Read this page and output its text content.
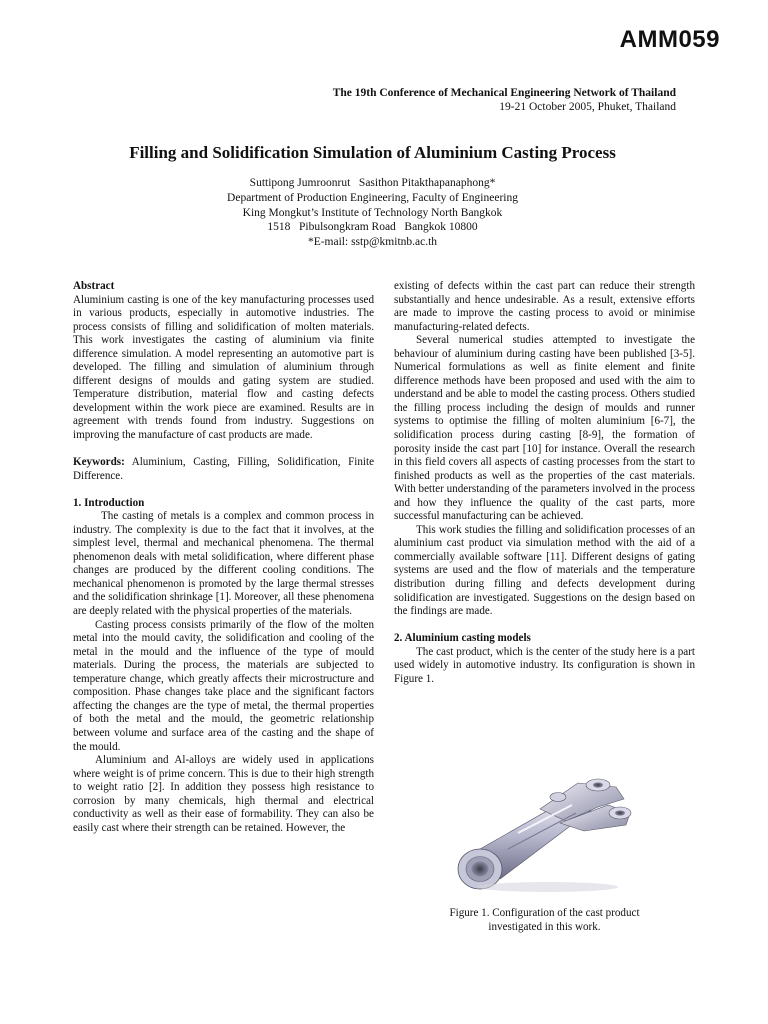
AMM059
The 19th Conference of Mechanical Engineering Network of Thailand
19-21 October 2005, Phuket, Thailand
Filling and Solidification Simulation of Aluminium Casting Process
Suttipong Jumroonrut   Sasithon Pitakthapanaphong*
Department of Production Engineering, Faculty of Engineering
King Mongkut’s Institute of Technology North Bangkok
1518   Pibulsongkram Road   Bangkok 10800
*E-mail: sstp@kmitnb.ac.th
Abstract

Aluminium casting is one of the key manufacturing processes used in various products, especially in automotive industries. The process consists of filling and solidification of molten materials. This work investigates the casting of aluminium via finite difference simulation. A model representing an automotive part is developed. The filling and simulation of aluminium through different designs of moulds and gating system are studied. Temperature distribution, material flow and casting defects development within the work piece are examined. Results are in agreement with trends found from industry. Suggestions on improving the manufacture of cast products are made.

Keywords: Aluminium, Casting, Filling, Solidification, Finite Difference.

1. Introduction

The casting of metals is a complex and common process in industry. The complexity is due to the fact that it involves, at the simplest level, thermal and mechanical phenomena. The thermal phenomenon deals with metal solidification, where different phase changes are produced by the different cooling conditions. The mechanical phenomenon is promoted by the large thermal stresses and the solidification shrinkage [1]. Moreover, all these phenomena are deeply related with the physical properties of the materials.

Casting process consists primarily of the flow of the molten metal into the mould cavity, the solidification and cooling of the metal in the mould and the influence of the type of mould materials. During the process, the materials are subjected to temperature change, which greatly affects their microstructure and composition. Phase changes take place and the significant factors affecting the changes are the type of metal, the thermal properties of both the metal and the mould, the geometric relationship between volume and surface area of the casting and the shape of the mould.

Aluminium and Al-alloys are widely used in applications where weight is of prime concern. This is due to their high strength to weight ratio [2]. In addition they possess high resistance to corrosion by many chemicals, high thermal and electrical conductivity as well as their ease of formability. They can also be easily cast where their strength can be retained. However, the

existing of defects within the cast part can reduce their strength substantially and hence undesirable. As a result, extensive efforts are made to improve the casting process to avoid or minimise manufacturing-related defects.

Several numerical studies attempted to investigate the behaviour of aluminium during casting have been published [3-5]. Numerical formulations as well as finite element and finite difference methods have been proposed and used with the aim to understand and be able to model the casting process. Others studied the filling process including the design of moulds and runner systems to optimise the filling of molten aluminium [6-7], the solidification process during casting [8-9], the formation of porosity inside the cast part [10] for instance. Overall the research in this field covers all aspects of casting processes from the start to finished products as well as the properties of the cast materials. With better understanding of the parameters involved in the process and how they influence the quality of the cast parts, more successful manufacturing can be achieved.

This work studies the filling and solidification processes of an aluminium cast product via simulation method with the aid of a commercially available software [11]. Different designs of gating systems are used and the flow of materials and the temperature distribution during filling and defects development during solidification are investigated. Suggestions on the design based on the findings are made.

2. Aluminium casting models

The cast product, which is the center of the study here is a part used widely in automotive industry. Its configuration is shown in Figure 1.

Figure 1. Configuration of the cast product
investigated in this work.
